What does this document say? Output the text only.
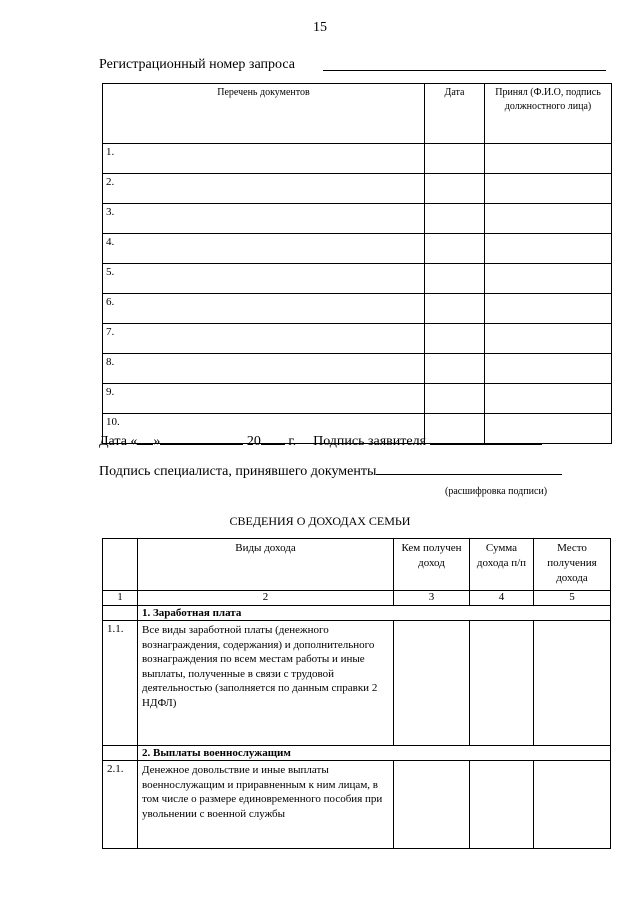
15
Регистрационный номер запроса
Перечень документов	Дата	Принял (Ф.И.О, подпись должностного лица)
1.		
2.		
3.		
4.		
5.		
6.		
7.		
8.		
9.		
10.		
Дата « »	20 г. Подпись заявителя
Подпись специалиста, принявшего документы
(расшифровка подписи)
СВЕДЕНИЯ О ДОХОДАХ СЕМЬИ
	Виды дохода	Кем получен доход	Сумма дохода п/п	Место получения дохода
1	2	3	4	5
	1. Заработная плата			
1.1.	Все виды заработной платы (денежного вознаграждения, содержания) и дополнительного вознаграждения по всем местам работы и иные выплаты, полученные в связи с трудовой деятельностью (заполняется по данным справки 2 НДФЛ)			
	2. Выплаты военнослужащим			
2.1.	Денежное довольствие и иные выплаты военнослужащим и приравненным к ним лицам, в том числе о размере единовременного пособия при увольнении с военной службы			
